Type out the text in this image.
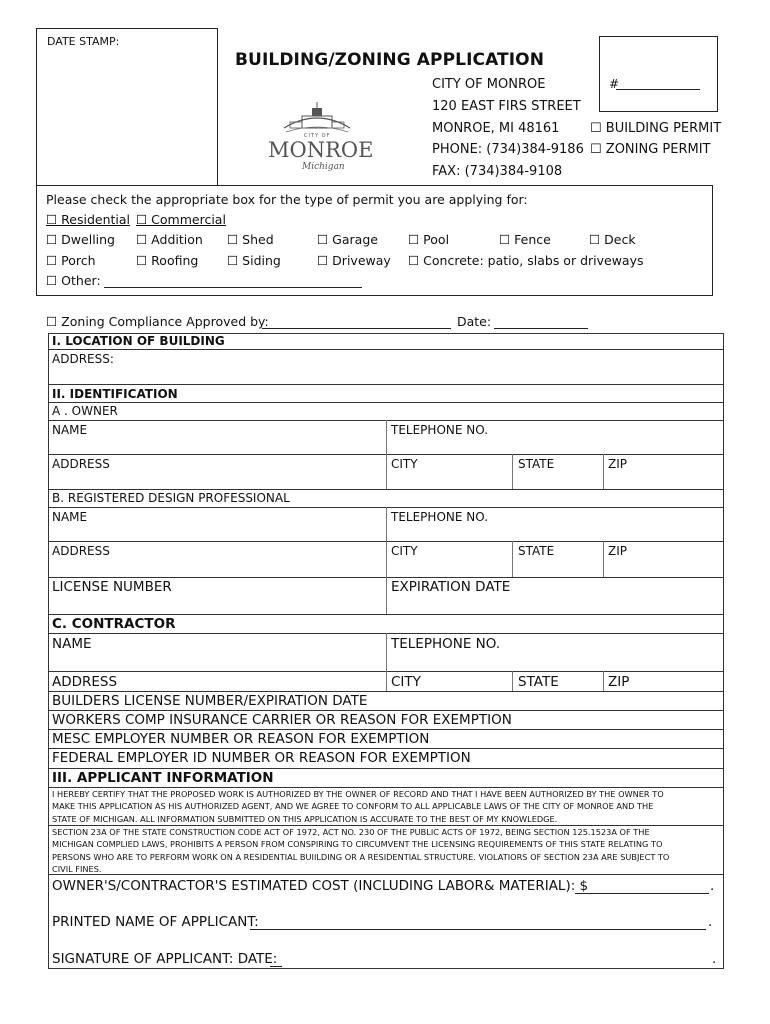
DATE STAMP:
BUILDING/ZONING APPLICATION
CITY OF
MONROE
Michigan
CITY OF MONROE
120 EAST FIRS STREET
MONROE, MI 48161
PHONE: (734)384-9186
FAX: (734)384-9108
#
☐ BUILDING PERMIT
☐ ZONING PERMIT
Please check the appropriate box for the type of permit you are applying for:
☐ Residential ☐ Commercial
☐ Dwelling ☐ Addition ☐ Shed	☐ Garage ☐ Pool	☐ Fence	☐ Deck
☐ Porch	☐ Roofing ☐ Siding	☐ Driveway ☐ Concrete: patio, slabs or driveways
☐ Other:
☐ Zoning Compliance Approved by:	Date:
I. LOCATION OF BUILDING
ADDRESS:
II. IDENTIFICATION
A . OWNER
NAME	TELEPHONE NO.
ADDRESS	CITY	STATE	ZIP
B. REGISTERED DESIGN PROFESSIONAL
NAME	TELEPHONE NO.
ADDRESS	CITY	STATE	ZIP
LICENSE NUMBER	EXPIRATION DATE
C. CONTRACTOR
NAME	TELEPHONE NO.
ADDRESS	CITY	STATE	ZIP
BUILDERS LICENSE NUMBER/EXPIRATION DATE
WORKERS COMP INSURANCE CARRIER OR REASON FOR EXEMPTION
MESC EMPLOYER NUMBER OR REASON FOR EXEMPTION
FEDERAL EMPLOYER ID NUMBER OR REASON FOR EXEMPTION
III. APPLICANT INFORMATION
I HEREBY CERTIFY THAT THE PROPOSED WORK IS AUTHORIZED BY THE OWNER OF RECORD AND THAT I HAVE BEEN AUTHORIZED BY THE OWNER TO
MAKE THIS APPLICATION AS HIS AUTHORIZED AGENT, AND WE AGREE TO CONFORM TO ALL APPLICABLE LAWS OF THE CITY OF MONROE AND THE
STATE OF MICHIGAN. ALL INFORMATION SUBMITTED ON THIS APPLICATION IS ACCURATE TO THE BEST OF MY KNOWLEDGE.
SECTION 23A OF THE STATE CONSTRUCTION CODE ACT OF 1972, ACT NO. 230 OF THE PUBLIC ACTS OF 1972, BEING SECTION 125.1523A OF THE
MICHIGAN COMPLIED LAWS, PROHIBITS A PERSON FROM CONSPIRING TO CIRCUMVENT THE LICENSING REQUIREMENTS OF THIS STATE RELATING TO
PERSONS WHO ARE TO PERFORM WORK ON A RESIDENTIAL BUIILDING OR A RESIDENTIAL STRUCTURE. VIOLATIORS OF SECTION 23A ARE SUBJECT TO
CIVIL FINES.
OWNER'S/CONTRACTOR'S ESTIMATED COST (INCLUDING LABOR& MATERIAL): $	.
PRINTED NAME OF APPLICANT:	.
SIGNATURE OF APPLICANT: DATE:	.
